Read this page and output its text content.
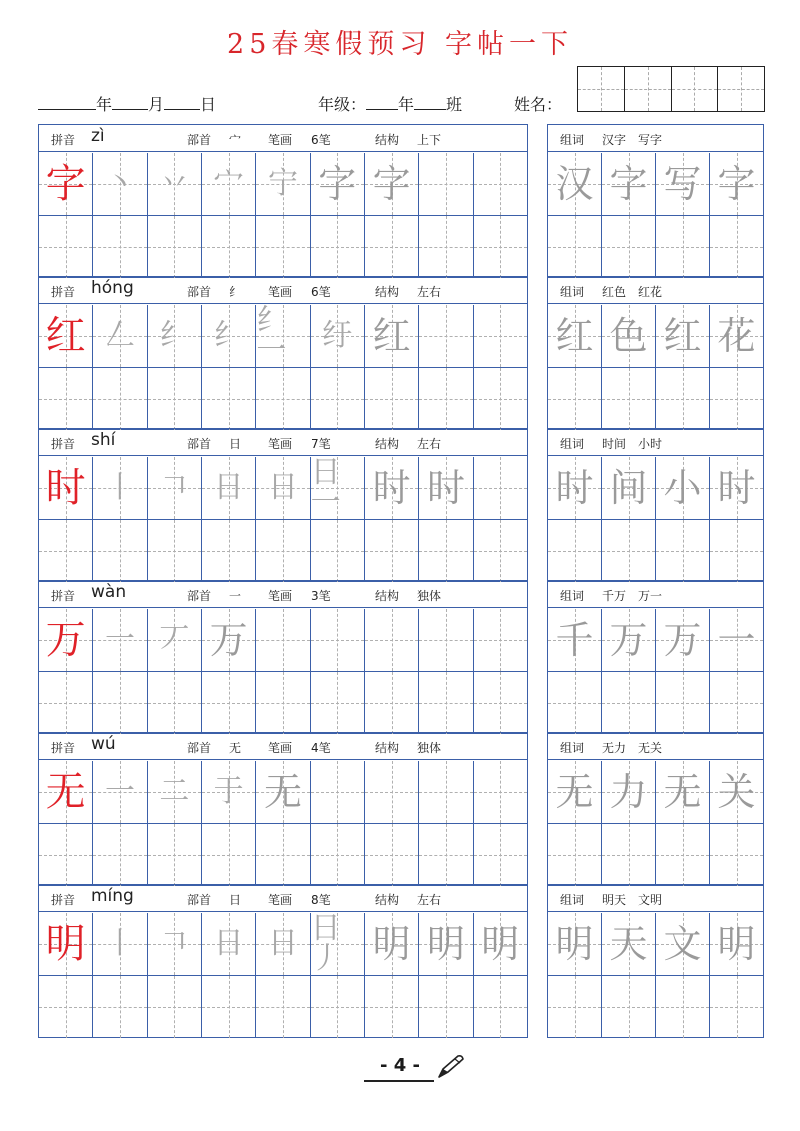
25春寒假预习 字帖一下
年 月 日	年级： 年 班	姓名：
拼音 zì	部首 宀 笔画 6笔	结构 上下
字 丶 丷 宀 宁 字 字
组词 汉字　写字
汉 字 写 字
拼音 hóng	部首 纟 笔画 6笔	结构 左右
红 𠃋 纟 纟 纟一	纡 红
组词 红色　红花
红 色 红 花
拼音 shí	部首 日 笔画 7笔	结构 左右
时 丨 𠃍 日 日 日一 时 时
组词 时间　小时
时 间 小 时
拼音 wàn	部首 一 笔画 3笔	结构 独体
万 一 丆 万
组词 千万　万一
千 万 万 一
拼音 wú	部首 无 笔画 4笔	结构 独体
无 一 二 于 无
组词 无力　无关
无 力 无 关
拼音 míng	部首 日 笔画 8笔	结构 左右
明 丨 𠃍 日 日 日丿 明 明 明
组词 明天　文明
明 天 文 明
- 4 -
